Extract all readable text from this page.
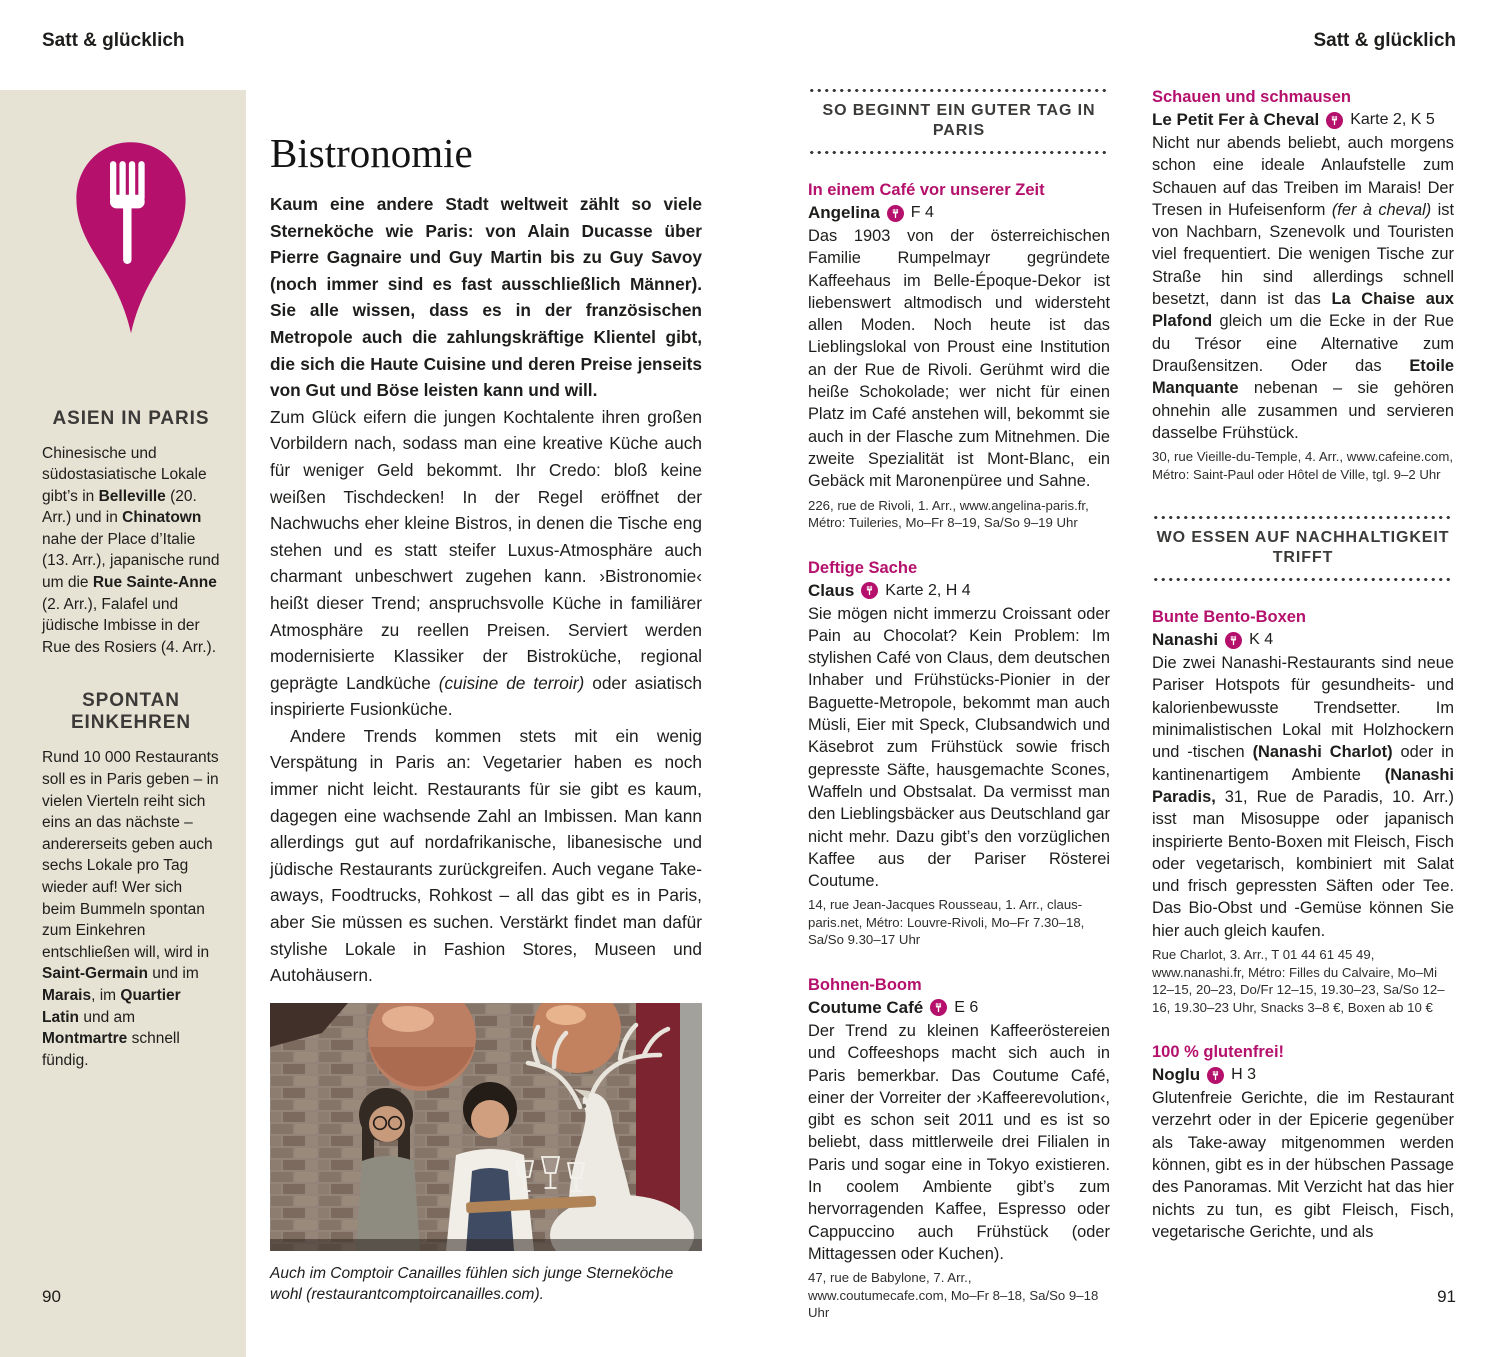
Satt & glücklich	Satt & glücklich
ASIEN IN PARIS

Chinesische und südostasiatische Lokale gibt’s in Belleville (20. Arr.) und in Chinatown nahe der Place d’Italie (13. Arr.), japanische rund um die Rue Sainte-Anne (2. Arr.), Falafel und jüdische Imbisse in der Rue des Rosiers (4. Arr.).

SPONTAN EINKEHREN

Rund 10 000 Restaurants soll es in Paris geben – in vielen Vierteln reiht sich eins an das nächste – andererseits geben auch sechs Lokale pro Tag wieder auf! Wer sich beim Bummeln spontan zum Einkehren entschließen will, wird in Saint-Germain und im Marais, im Quartier Latin und am Montmartre schnell fündig.

Bistronomie

Kaum eine andere Stadt weltweit zählt so viele Sterneköche wie Paris: von Alain Ducasse über Pierre Gagnaire und Guy Martin bis zu Guy Savoy (noch immer sind es fast ausschließlich Männer). Sie alle wissen, dass es in der französischen Metropole auch die zahlungskräftige Klientel gibt, die sich die Haute Cuisine und deren Preise jenseits von Gut und Böse leisten kann und will.

Zum Glück eifern die jungen Kochtalente ihren großen Vorbildern nach, sodass man eine kreative Küche auch für weniger Geld bekommt. Ihr Credo: bloß keine weißen Tischdecken! In der Regel eröffnet der Nachwuchs eher kleine Bistros, in denen die Tische eng stehen und es statt steifer Luxus-Atmosphäre auch charmant unbeschwert zugehen kann. ›Bistronomie‹ heißt dieser Trend; anspruchsvolle Küche in familiärer Atmosphäre zu reellen Preisen. Serviert werden modernisierte Klassiker der Bistroküche, regional geprägte Landküche (cuisine de terroir) oder asiatisch inspirierte Fusionküche.

Andere Trends kommen stets mit ein wenig Verspätung in Paris an: Vegetarier haben es noch immer nicht leicht. Restaurants für sie gibt es kaum, dagegen eine wachsende Zahl an Imbissen. Man kann allerdings gut auf nordafrikanische, libanesische und jüdische Restaurants zurückgreifen. Auch vegane Take-aways, Foodtrucks, Rohkost – all das gibt es in Paris, aber Sie müssen es suchen. Verstärkt findet man dafür stylishe Lokale in Fashion Stores, Museen und Autohäusern.

Auch im Comptoir Canailles fühlen sich junge Sterneköche wohl (restaurantcomptoircanailles.com).
SO BEGINNT EIN GUTER TAG IN PARIS
In einem Café vor unserer Zeit
Angelina F 4

Das 1903 von der österreichischen Familie Rumpelmayr gegründete Kaffeehaus im Belle-Époque-Dekor ist liebenswert altmodisch und widersteht allen Moden. Noch heute ist das Lieblingslokal von Proust eine Institution an der Rue de Rivoli. Gerühmt wird die heiße Schokolade; wer nicht für einen Platz im Café anstehen will, bekommt sie auch in der Flasche zum Mitnehmen. Die zweite Spezialität ist Mont-Blanc, ein Gebäck mit Maronenpüree und Sahne.

226, rue de Rivoli, 1. Arr., www.angelina-paris.fr, Métro: Tuileries, Mo–Fr 8–19, Sa/So 9–19 Uhr

Deftige Sache
Claus Karte 2, H 4

Sie mögen nicht immerzu Croissant oder Pain au Chocolat? Kein Problem: Im stylishen Café von Claus, dem deutschen Inhaber und Frühstücks-Pionier in der Baguette-Metropole, bekommt man auch Müsli, Eier mit Speck, Clubsandwich und Käsebrot zum Frühstück sowie frisch gepresste Säfte, hausgemachte Scones, Waffeln und Obstsalat. Da vermisst man den Lieblingsbäcker aus Deutschland gar nicht mehr. Dazu gibt’s den vorzüglichen Kaffee aus der Pariser Rösterei Coutume.

14, rue Jean-Jacques Rousseau, 1. Arr., claus-paris.net, Métro: Louvre-Rivoli, Mo–Fr 7.30–18, Sa/So 9.30–17 Uhr

Bohnen-Boom
Coutume Café E 6

Der Trend zu kleinen Kaffeeröstereien und Coffeeshops macht sich auch in Paris bemerkbar. Das Coutume Café, einer der Vorreiter der ›Kaffeerevolution‹, gibt es schon seit 2011 und es ist so beliebt, dass mittlerweile drei Filialen in Paris und sogar eine in Tokyo existieren. In coolem Ambiente gibt’s zum hervorragenden Kaffee, Espresso oder Cappuccino auch Frühstück (oder Mittagessen oder Kuchen).

47, rue de Babylone, 7. Arr., www.coutumecafe.com, Mo–Fr 8–18, Sa/So 9–18 Uhr

Schauen und schmausen
Le Petit Fer à Cheval Karte 2, K 5

Nicht nur abends beliebt, auch morgens schon eine ideale Anlaufstelle zum Schauen auf das Treiben im Marais! Der Tresen in Hufeisenform (fer à cheval) ist von Nachbarn, Szenevolk und Touristen viel frequentiert. Die wenigen Tische zur Straße hin sind allerdings schnell besetzt, dann ist das La Chaise aux Plafond gleich um die Ecke in der Rue du Trésor eine Alternative zum Draußensitzen. Oder das Etoile Manquante nebenan – sie gehören ohnehin alle zusammen und servieren dasselbe Frühstück.

30, rue Vieille-du-Temple, 4. Arr., www.cafeine.com, Métro: Saint-Paul oder Hôtel de Ville, tgl. 9–2 Uhr

WO ESSEN AUF NACHHALTIGKEIT TRIFFT
Bunte Bento-Boxen
Nanashi K 4

Die zwei Nanashi-Restaurants sind neue Pariser Hotspots für gesundheits- und kalorienbewusste Trendsetter. Im minimalistischen Lokal mit Holzhockern und -tischen (Nanashi Charlot) oder in kantinenartigem Ambiente (Nanashi Paradis, 31, Rue de Paradis, 10. Arr.) isst man Misosuppe oder japanisch inspirierte Bento-Boxen mit Fleisch, Fisch oder vegetarisch, kombiniert mit Salat und frisch gepressten Säften oder Tee. Das Bio-Obst und -Gemüse können Sie hier auch gleich kaufen.

Rue Charlot, 3. Arr., T 01 44 61 45 49, www.nanashi.fr, Métro: Filles du Calvaire, Mo–Mi 12–15, 20–23, Do/Fr 12–15, 19.30–23, Sa/So 12–16, 19.30–23 Uhr, Snacks 3–8 €, Boxen ab 10 €

100 % glutenfrei!
Noglu H 3

Glutenfreie Gerichte, die im Restaurant verzehrt oder in der Epicerie gegenüber als Take-away mitgenommen werden können, gibt es in der hübschen Passage des Panoramas. Mit Verzicht hat das hier nichts zu tun, es gibt Fleisch, Fisch, vegetarische Gerichte, und als

90	91
